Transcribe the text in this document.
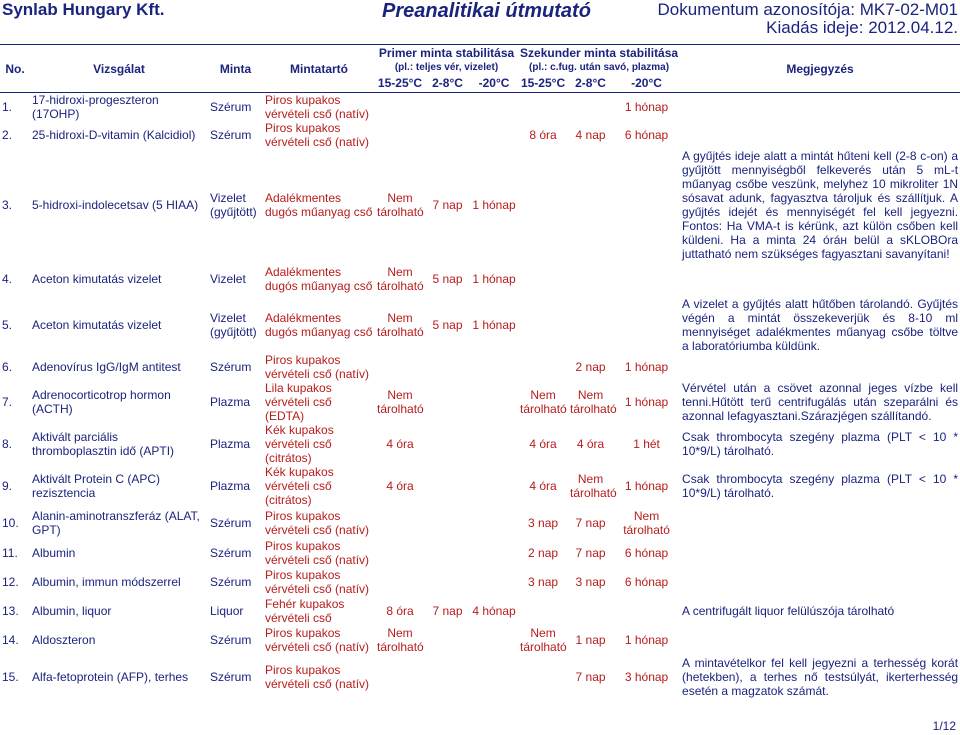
Synlab Hungary Kft.	Preanalitikai útmutató	Dokumentum azonosítója: MK7-02-M01
Kiadás ideje: 2012.04.12.
No.	Vizsgálat	Minta	Mintatartó	Primer minta stabilitása			Szekunder minta stabilitása			Megjegyzés
				(pl.: teljes vér, vizelet)			(pl.: c.fug. után savó, plazma)			
				15-25°C	2-8°C	-20°C	15-25°C	2-8°C	-20°C	
1.	17-hidroxi-progeszteron (17OHP)	Szérum	Piros kupakos vérvételi cső (natív)						1 hónap	
2.	25-hidroxi-D-vitamin (Kalcidiol)	Szérum	Piros kupakos vérvételi cső (natív)				8 óra	4 nap	6 hónap	
3.	5-hidroxi-indolecetsav (5 HIAA)	Vizelet (gyűjtött)	Adalékmentes dugós műanyag cső	Nem tárolható	7 nap	1 hónap				A gyűjtés ideje alatt a mintát hűteni kell (2-8 c-on) a gyűjtött mennyiségből felkeverés után 5 mL-t műanyag csőbe veszünk, melyhez 10 mikroliter 1N sósavat adunk, fagyasztva tároljuk és szállítjuk. A gyűjtés idejét és mennyiségét fel kell jegyezni. Fontos: Ha VMA-t is kérünk, azt külön csőben kell küldeni. Ha a minta 24 óráн belül a sKLOBOra juttatható nem szükséges fagyasztani savanyítani!
4.	Aceton kimutatás vizelet	Vizelet	Adalékmentes dugós műanyag cső	Nem tárolható	5 nap	1 hónap				
5.	Aceton kimutatás vizelet	Vizelet (gyűjtött)	Adalékmentes dugós műanyag cső	Nem tárolható	5 nap	1 hónap				A vizelet a gyűjtés alatt hűtőben tárolandó. Gyűjtés végén a mintát összekeverjük és 8-10 ml mennyiséget adalékmentes műanyag csőbe töltve a laboratóriumba küldünk.
6.	Adenovírus IgG/IgM antitest	Szérum	Piros kupakos vérvételi cső (natív)					2 nap	1 hónap	
7.	Adrenocorticotrop hormon (ACTH)	Plazma	Lila kupakos vérvételi cső (EDTA)	Nem tárolható			Nem tárolható	Nem tárolható	1 hónap	Vérvétel után a csövet azonnal jeges vízbe kell tenni.Hűtött terű centrifugálás után szeparálni és azonnal lefagyasztani.Szárazjégen szállítandó.
8.	Aktivált parciális thromboplasztin idő (APTI)	Plazma	Kék kupakos vérvételi cső (citrátos)	4 óra			4 óra	4 óra	1 hét	Csak thrombocyta szegény plazma (PLT < 10 * 10*9/L) tárolható.
9.	Aktivált Protein C (APC) rezisztencia	Plazma	Kék kupakos vérvételi cső (citrátos)	4 óra			4 óra	Nem tárolható	1 hónap	Csak thrombocyta szegény plazma (PLT < 10 * 10*9/L) tárolható.
10.	Alanin-aminotranszferáz (ALAT, GPT)	Szérum	Piros kupakos vérvételi cső (natív)				3 nap	7 nap	Nem tárolható	
11.	Albumin	Szérum	Piros kupakos vérvételi cső (natív)				2 nap	7 nap	6 hónap	
12.	Albumin, immun módszerrel	Szérum	Piros kupakos vérvételi cső (natív)				3 nap	3 nap	6 hónap	
13.	Albumin, liquor	Liquor	Fehér kupakos vérvételi cső	8 óra	7 nap	4 hónap				A centrifugált liquor felülúszója tárolható
14.	Aldoszteron	Szérum	Piros kupakos vérvételi cső (natív)	Nem tárolható			Nem tárolható	1 nap	1 hónap	
15.	Alfa-fetoprotein (AFP), terhes	Szérum	Piros kupakos vérvételi cső (natív)					7 nap	3 hónap	A mintavételkor fel kell jegyezni a terhesség korát (hetekben), a terhes nő testsúlyát, ikerterhesség esetén a magzatok számát.
1/12
